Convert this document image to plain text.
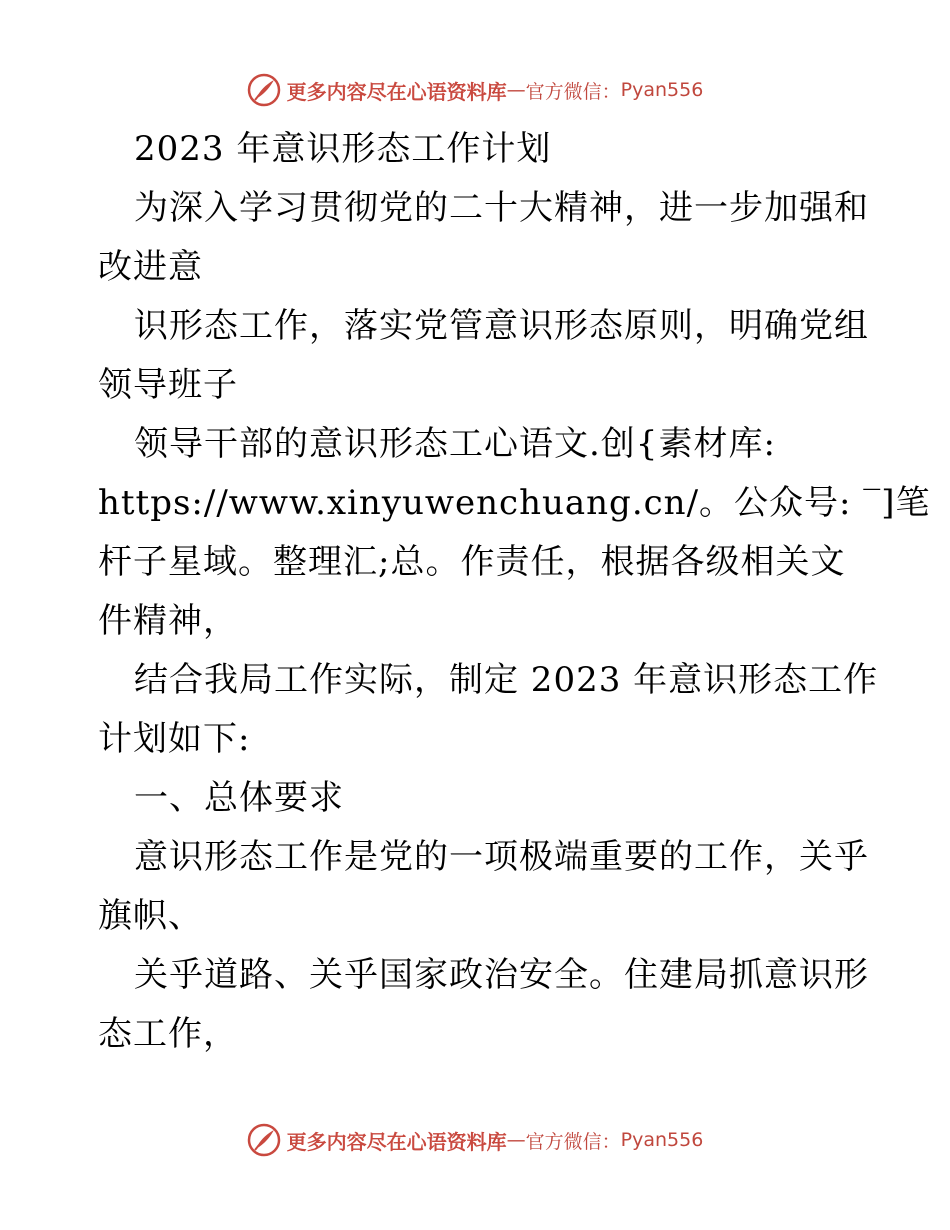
更多内容尽在心语资料库 — 官方微信： Pyan556
2023 年意识形态工作计划
为深入学习贯彻党的二十大精神，进一步加强和
改进意
识形态工作，落实党管意识形态原则，明确党组
领导班子
领导干部的意识形态工心语文.创{素材库:
https://www.xinyuwenchuang.cn/。公众号: ‾]笔
杆子星域。整理汇;总。作责任，根据各级相关文
件精神，
结合我局工作实际，制定 2023 年意识形态工作
计划如下:
一、总体要求
意识形态工作是党的一项极端重要的工作，关乎
旗帜、
关乎道路、关乎国家政治安全。住建局抓意识形
态工作，
更多内容尽在心语资料库 — 官方微信： Pyan556
